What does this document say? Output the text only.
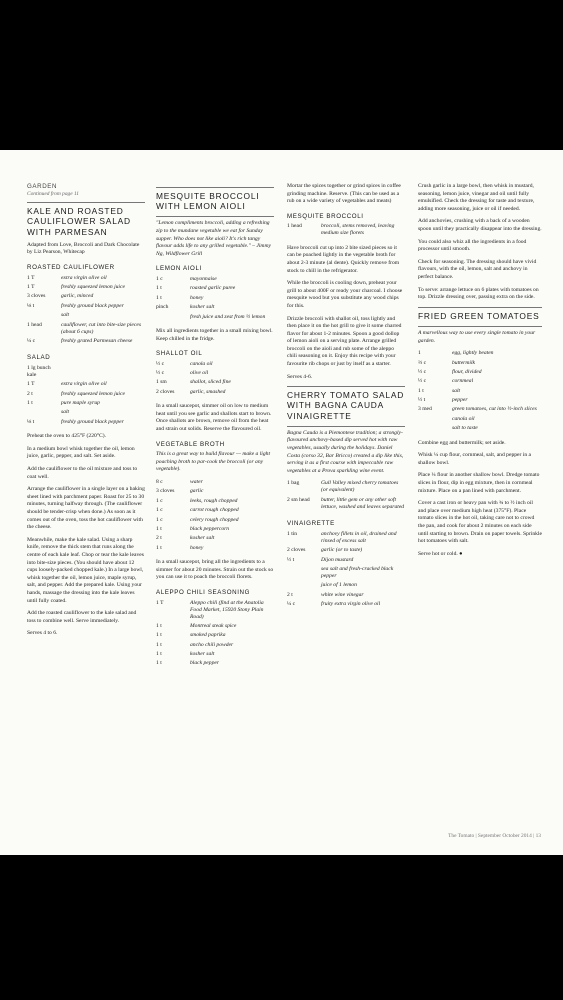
GARDEN
Continued from page 11
KALE AND ROASTED CAULIFLOWER SALAD WITH PARMESAN

Adapted from Love, Broccoli and Dark Chocolate by Liz Pearson, Whitecap

ROASTED CAULIFLOWER
1 T	extra virgin olive oil
1 T	freshly squeezed lemon juice
3 cloves	garlic, minced
⅛ t	freshly ground black pepper
	salt
1 head	cauliflower, cut into bite-size pieces (about 6 cups)
¼ c	freshly grated Parmesan cheese
SALAD
1 lg bunch kale	
1 T	extra virgin olive oil
2 t	freshly squeezed lemon juice
1 t	pure maple syrup
	salt
⅛ t	freshly ground black pepper

Preheat the oven to 425°F (220°C).

In a medium bowl whisk together the oil, lemon juice, garlic, pepper, and salt. Set aside.

Add the cauliflower to the oil mixture and toss to coat well.

Arrange the cauliflower in a single layer on a baking sheet lined with parchment paper. Roast for 25 to 30 minutes, turning halfway through. (The cauliflower should be tender-crisp when done.) As soon as it comes out of the oven, toss the hot cauliflower with the cheese.

Meanwhile, make the kale salad. Using a sharp knife, remove the thick stem that runs along the centre of each kale leaf. Chop or tear the kale leaves into bite-size pieces. (You should have about 12 cups loosely-packed chopped kale.) In a large bowl, whisk together the oil, lemon juice, maple syrup, salt, and pepper. Add the prepared kale. Using your hands, massage the dressing into the kale leaves until fully coated.

Add the roasted cauliflower to the kale salad and toss to combine well. Serve immediately.

Serves 4 to 6.

MESQUITE BROCCOLI WITH LEMON AIOLI

"Lemon compliments broccoli, adding a refreshing zip to the mundane vegetable we eat for Sunday supper. Who does not like aioli? It's rich tangy flavour adds life to any grilled vegetable." – Jimmy Ng, Wildflower Grill

LEMON AIOLI
1 c	mayonnaise
1 t	roasted garlic puree
1 t	honey
pinch	kosher salt
	fresh juice and zest from ½ lemon

Mix all ingredients together in a small mixing bowl. Keep chilled in the fridge.

SHALLOT OIL
½ c	canola oil
½ c	olive oil
1 sm	shallot, sliced fine
2 cloves	garlic, smashed

In a small saucepot, simmer oil on low to medium heat until you see garlic and shallots start to brown. Once shallots are brown, remove oil from the heat and strain out solids. Reserve the flavoured oil.

VEGETABLE BROTH

This is a great way to build flavour — make a light poaching broth to par-cook the broccoli (or any vegetable).

8 c	water
3 cloves	garlic
1 c	leeks, rough chopped
1 c	carrot rough chopped
1 c	celery rough chopped
1 t	black peppercorn
2 t	kosher salt
1 t	honey

In a small saucepot, bring all the ingredients to a simmer for about 20 minutes. Strain out the stock so you can use it to poach the broccoli florets.

ALEPPO CHILI SEASONING
1 T	Aleppo chili (find at the Anatolia Food Market, 15920 Stony Plain Road)
1 t	Montreal steak spice
1 t	smoked paprika
1 t	ancho chili powder
1 t	kosher salt
1 t	black pepper

Mortar the spices together or grind spices in coffee grinding machine. Reserve. (This can be used as a rub on a wide variety of vegetables and meats)

MESQUITE BROCCOLI
1 head	broccoli, stems removed, leaving medium size florets

Have broccoli cut up into 2 bite sized pieces so it can be poached lightly in the vegetable broth for about 2-3 minute (al dente). Quickly remove from stock to chill in the refrigerator.

While the broccoli is cooling down, preheat your grill to about 400F or ready your charcoal. I choose mesquite wood but you substitute any wood chips for this.

Drizzle broccoli with shallot oil, toss lightly and then place it on the hot grill to give it some charred flavor for about 1-2 minutes. Spoon a good dollop of lemon aioli on a serving plate. Arrange grilled broccoli on the aioli and rub some of the aleppo chili seasoning on it. Enjoy this recipe with your favourite rib chops or just by itself as a starter.

Serves 4-6.

CHERRY TOMATO SALAD WITH BAGNA CAUDA VINAIGRETTE

Bagna Cauda is a Piemontese tradition; a strongly-flavoured anchovy-based dip served hot with raw vegetables, usually during the holidays. Daniel Costa (corso 32, Bar Bricco) created a dip like this, serving it as a first course with impeccable raw vegetables at a Prova sparkling wine event.

1 bag	Gull Valley mixed cherry tomatoes (or equivalent)
2 sm head	butter, little gem or any other soft lettuce, washed and leaves separated
VINAIGRETTE
1 tin	anchovy fillets in oil, drained and rinsed of excess salt
2 cloves	garlic (or to taste)
½ t	Dijon mustard
	sea salt and fresh-cracked black pepper
	juice of 1 lemon
2 t	white wine vinegar
¼ c	fruity extra virgin olive oil

Crush garlic in a large bowl, then whisk in mustard, seasoning, lemon juice, vinegar and oil until fully emulsified. Check the dressing for taste and texture, adding more seasoning, juice or oil if needed.

Add anchovies, crushing with a back of a wooden spoon until they practically disappear into the dressing.

You could also whiz all the ingredients in a food processor until smooth.

Check for seasoning. The dressing should have vivid flavours, with the oil, lemon, salt and anchovy in perfect balance.

To serve: arrange lettuce on 6 plates with tomatoes on top. Drizzle dressing over, passing extra on the side.

FRIED GREEN TOMATOES

A marvellous way to use every single tomato in your garden.

1	egg, lightly beaten
⅔ c	buttermilk
½ c	flour, divided
½ c	cornmeal
1 t	salt
½ t	pepper
3 med	green tomatoes, cut into ½-inch slices
	canola oil
	salt to taste

Combine egg and buttermilk; set aside.

Whisk ¼ cup flour, cornmeal, salt, and pepper in a shallow bowl.

Place ¼ flour in another shallow bowl. Dredge tomato slices in flour, dip in egg mixture, then in cornmeal mixture. Place on a pan lined with parchment.

Cover a cast iron or heavy pan with ¾ to ½ inch oil and place over medium high heat (375°F). Place tomato slices in the hot oil, taking care not to crowd the pan, and cook for about 2 minutes on each side until starting to brown. Drain on paper towels. Sprinkle hot tomatoes with salt.

Serve hot or cold. ●

The Tomato | September October 2014 | 13
